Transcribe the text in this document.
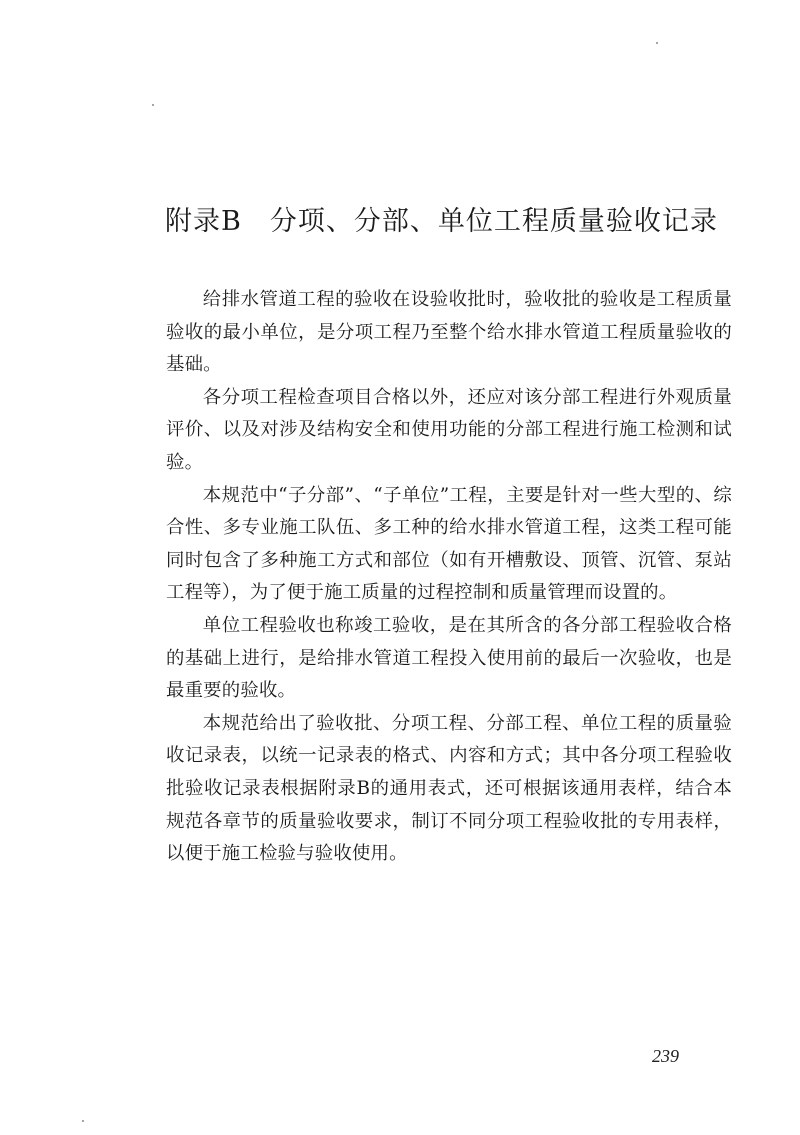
附录B　分项、分部、单位工程质量验收记录

给排水管道工程的验收在设验收批时，验收批的验收是工程质量验收的最小单位，是分项工程乃至整个给水排水管道工程质量验收的基础。

各分项工程检查项目合格以外，还应对该分部工程进行外观质量评价、以及对涉及结构安全和使用功能的分部工程进行施工检测和试验。

本规范中“子分部”、“子单位”工程，主要是针对一些大型的、综合性、多专业施工队伍、多工种的给水排水管道工程，这类工程可能同时包含了多种施工方式和部位（如有开槽敷设、顶管、沉管、泵站工程等），为了便于施工质量的过程控制和质量管理而设置的。

单位工程验收也称竣工验收，是在其所含的各分部工程验收合格的基础上进行，是给排水管道工程投入使用前的最后一次验收，也是最重要的验收。

本规范给出了验收批、分项工程、分部工程、单位工程的质量验收记录表，以统一记录表的格式、内容和方式；其中各分项工程验收批验收记录表根据附录B的通用表式，还可根据该通用表样，结合本规范各章节的质量验收要求，制订不同分项工程验收批的专用表样，以便于施工检验与验收使用。

239
